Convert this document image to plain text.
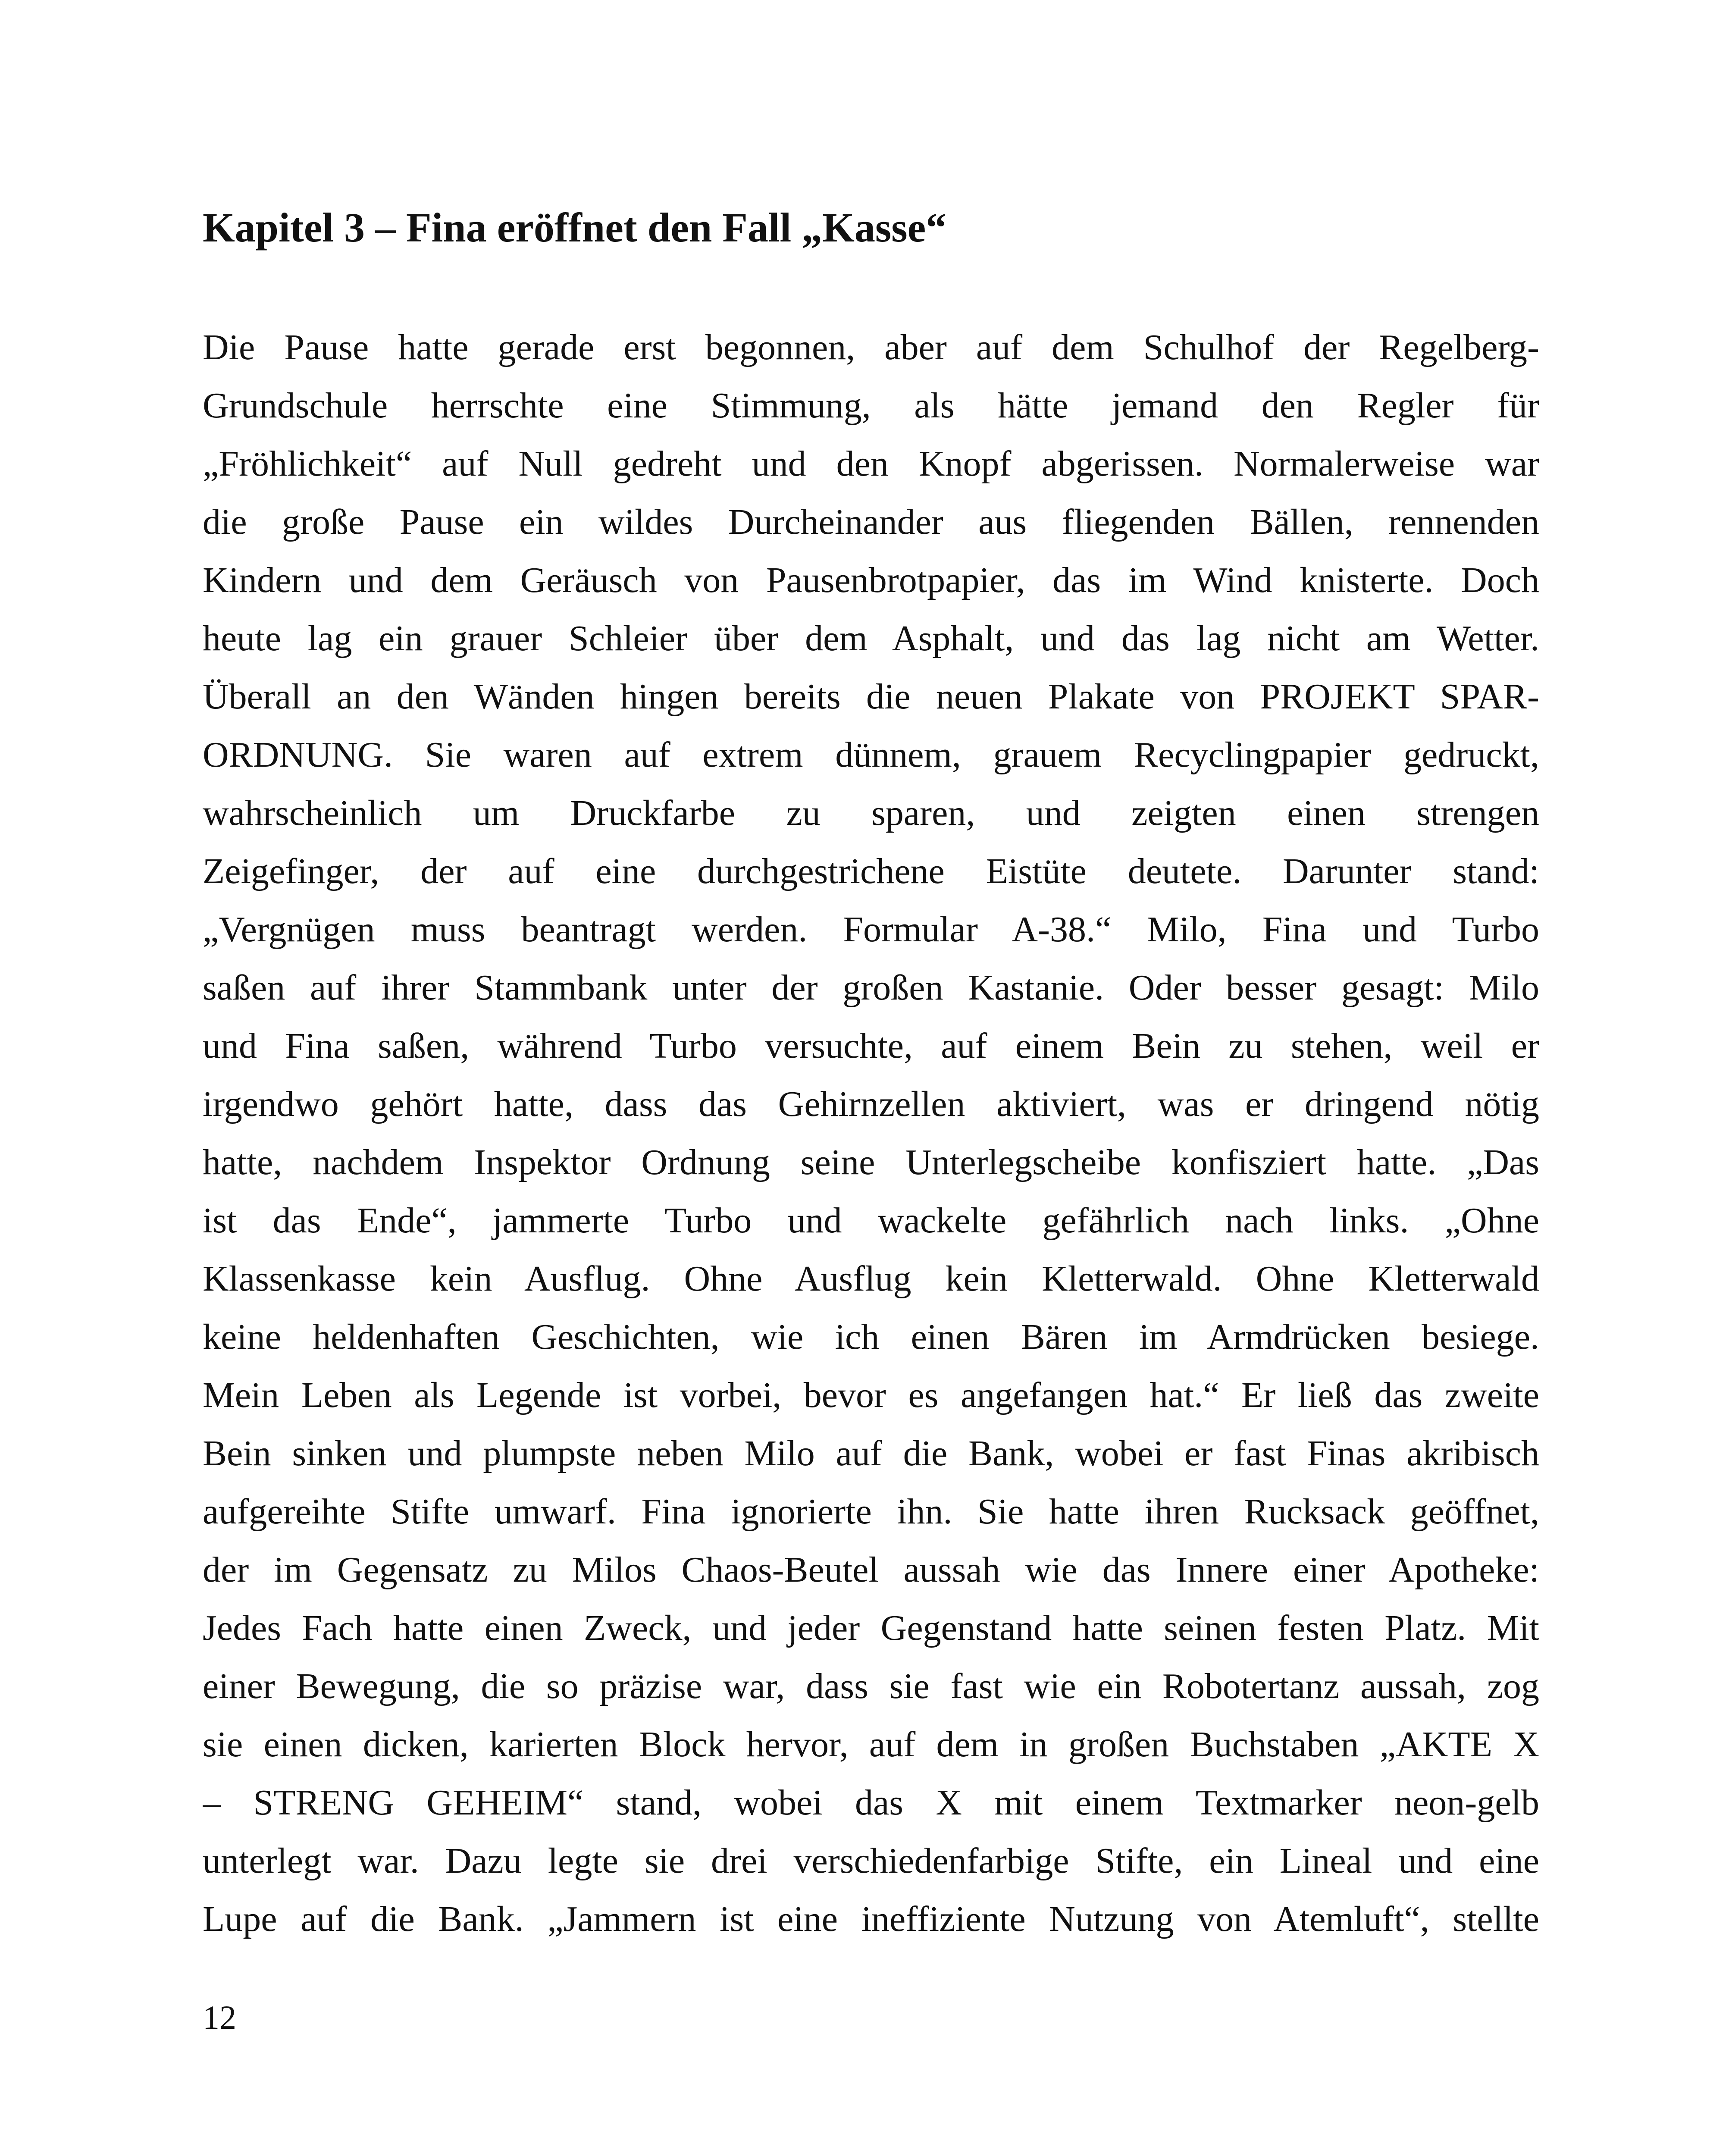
Kapitel 3 – Fina eröffnet den Fall „Kasse“
Die Pause hatte gerade erst begonnen, aber auf dem Schulhof der Regelberg-
Grundschule herrschte eine Stimmung, als hätte jemand den Regler für
„Fröhlichkeit“ auf Null gedreht und den Knopf abgerissen. Normalerweise war
die große Pause ein wildes Durcheinander aus fliegenden Bällen, rennenden
Kindern und dem Geräusch von Pausenbrotpapier, das im Wind knisterte. Doch
heute lag ein grauer Schleier über dem Asphalt, und das lag nicht am Wetter.
Überall an den Wänden hingen bereits die neuen Plakate von PROJEKT SPAR-
ORDNUNG. Sie waren auf extrem dünnem, grauem Recyclingpapier gedruckt,
wahrscheinlich um Druckfarbe zu sparen, und zeigten einen strengen
Zeigefinger, der auf eine durchgestrichene Eistüte deutete. Darunter stand:
„Vergnügen muss beantragt werden. Formular A-38.“ Milo, Fina und Turbo
saßen auf ihrer Stammbank unter der großen Kastanie. Oder besser gesagt: Milo
und Fina saßen, während Turbo versuchte, auf einem Bein zu stehen, weil er
irgendwo gehört hatte, dass das Gehirnzellen aktiviert, was er dringend nötig
hatte, nachdem Inspektor Ordnung seine Unterlegscheibe konfisziert hatte. „Das
ist das Ende“, jammerte Turbo und wackelte gefährlich nach links. „Ohne
Klassenkasse kein Ausflug. Ohne Ausflug kein Kletterwald. Ohne Kletterwald
keine heldenhaften Geschichten, wie ich einen Bären im Armdrücken besiege.
Mein Leben als Legende ist vorbei, bevor es angefangen hat.“ Er ließ das zweite
Bein sinken und plumpste neben Milo auf die Bank, wobei er fast Finas akribisch
aufgereihte Stifte umwarf. Fina ignorierte ihn. Sie hatte ihren Rucksack geöffnet,
der im Gegensatz zu Milos Chaos-Beutel aussah wie das Innere einer Apotheke:
Jedes Fach hatte einen Zweck, und jeder Gegenstand hatte seinen festen Platz. Mit
einer Bewegung, die so präzise war, dass sie fast wie ein Robotertanz aussah, zog
sie einen dicken, karierten Block hervor, auf dem in großen Buchstaben „AKTE X
– STRENG GEHEIM“ stand, wobei das X mit einem Textmarker neon-gelb
unterlegt war. Dazu legte sie drei verschiedenfarbige Stifte, ein Lineal und eine
Lupe auf die Bank. „Jammern ist eine ineffiziente Nutzung von Atemluft“, stellte
12
